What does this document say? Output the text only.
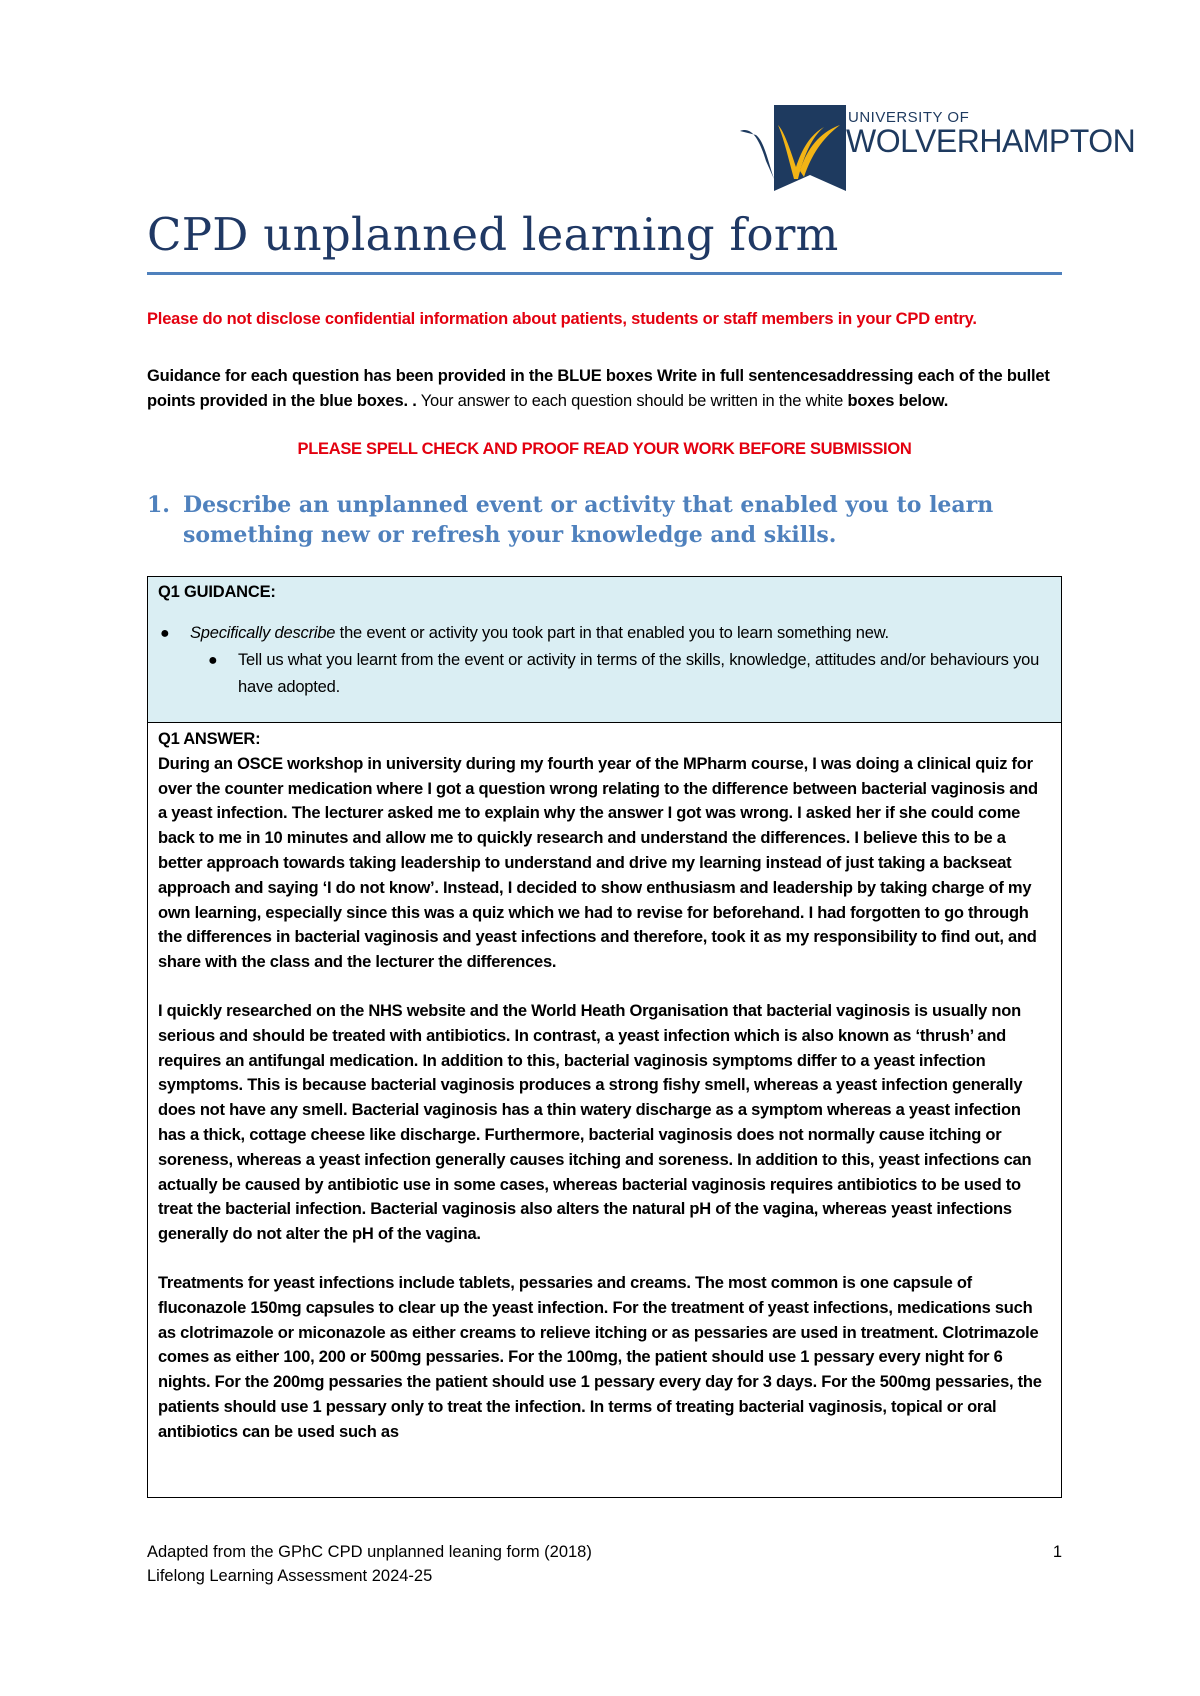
UNIVERSITY OF
WOLVERHAMPTON
CPD unplanned learning form
Please do not disclose confidential information about patients, students or staff members in your CPD entry.
Guidance for each question has been provided in the BLUE boxes Write in full sentencesaddressing each of the bullet points provided in the blue boxes. . Your answer to each question should be written in the white boxes below.
PLEASE SPELL CHECK AND PROOF READ YOUR WORK BEFORE SUBMISSION
1. Describe an unplanned event or activity that enabled you to learn something new or refresh your knowledge and skills.
Q1 GUIDANCE:
● Specifically describe the event or activity you took part in that enabled you to learn something new.
● Tell us what you learnt from the event or activity in terms of the skills, knowledge, attitudes and/or behaviours you have adopted.

Q1 ANSWER:

During an OSCE workshop in university during my fourth year of the MPharm course, I was doing a clinical quiz for over the counter medication where I got a question wrong relating to the difference between bacterial vaginosis and a yeast infection. The lecturer asked me to explain why the answer I got was wrong. I asked her if she could come back to me in 10 minutes and allow me to quickly research and understand the differences. I believe this to be a better approach towards taking leadership to understand and drive my learning instead of just taking a backseat approach and saying ‘I do not know’. Instead, I decided to show enthusiasm and leadership by taking charge of my own learning, especially since this was a quiz which we had to revise for beforehand. I had forgotten to go through the differences in bacterial vaginosis and yeast infections and therefore, took it as my responsibility to find out, and share with the class and the lecturer the differences.

I quickly researched on the NHS website and the World Heath Organisation that bacterial vaginosis is usually non serious and should be treated with antibiotics. In contrast, a yeast infection which is also known as ‘thrush’ and requires an antifungal medication. In addition to this, bacterial vaginosis symptoms differ to a yeast infection symptoms. This is because bacterial vaginosis produces a strong fishy smell, whereas a yeast infection generally does not have any smell. Bacterial vaginosis has a thin watery discharge as a symptom whereas a yeast infection has a thick, cottage cheese like discharge. Furthermore, bacterial vaginosis does not normally cause itching or soreness, whereas a yeast infection generally causes itching and soreness. In addition to this, yeast infections can actually be caused by antibiotic use in some cases, whereas bacterial vaginosis requires antibiotics to be used to treat the bacterial infection. Bacterial vaginosis also alters the natural pH of the vagina, whereas yeast infections generally do not alter the pH of the vagina.

Treatments for yeast infections include tablets, pessaries and creams. The most common is one capsule of fluconazole 150mg capsules to clear up the yeast infection. For the treatment of yeast infections, medications such as clotrimazole or miconazole as either creams to relieve itching or as pessaries are used in treatment. Clotrimazole comes as either 100, 200 or 500mg pessaries. For the 100mg, the patient should use 1 pessary every night for 6 nights. For the 200mg pessaries the patient should use 1 pessary every day for 3 days. For the 500mg pessaries, the patients should use 1 pessary only to treat the infection. In terms of treating bacterial vaginosis, topical or oral antibiotics can be used such as

Adapted from the GPhC CPD unplanned leaning form (2018)
Lifelong Learning Assessment 2024-25
1
